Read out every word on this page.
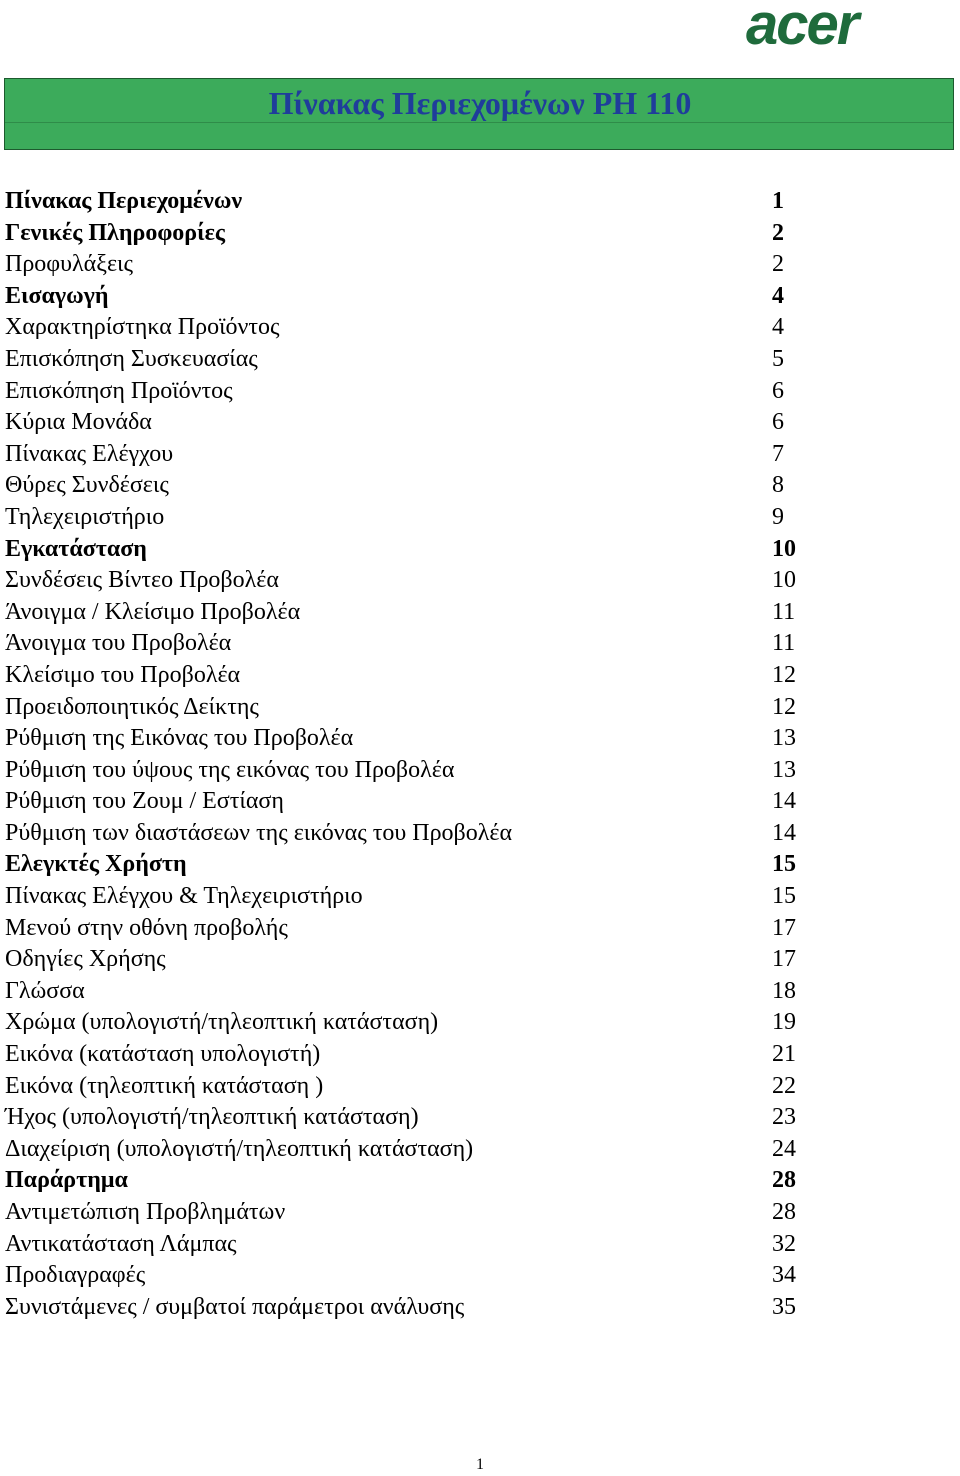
acer
Πίνακας Περιεχομένων PH 110
Πίνακας Περιεχομένων	1
Γενικές Πληροφορίες	2
Προφυλάξεις	2
Εισαγωγή	4
Χαρακτηρίστηκα Προϊόντος	4
Επισκόπηση Συσκευασίας	5
Επισκόπηση Προϊόντος	6
Κύρια Μονάδα	6
Πίνακας Ελέγχου	7
Θύρες Συνδέσεις	8
Τηλεχειριστήριο	9
Εγκατάσταση	10
Συνδέσεις Βίντεο Προβολέα	10
Άνοιγμα / Κλείσιμο Προβολέα	11
Άνοιγμα του Προβολέα	11
Κλείσιμο του Προβολέα	12
Προειδοποιητικός Δείκτης	12
Ρύθμιση της Εικόνας του Προβολέα	13
Ρύθμιση του ύψους της εικόνας του Προβολέα	13
Ρύθμιση του Ζουμ / Εστίαση	14
Ρύθμιση των διαστάσεων της εικόνας του Προβολέα	14
Ελεγκτές Χρήστη	15
Πίνακας Ελέγχου & Τηλεχειριστήριο	15
Μενού στην οθόνη προβολής	17
Οδηγίες Χρήσης	17
Γλώσσα	18
Χρώμα (υπολογιστή/τηλεοπτική κατάσταση)	19
Εικόνα (κατάσταση υπολογιστή)	21
Εικόνα (τηλεοπτική κατάσταση )	22
Ήχος (υπολογιστή/τηλεοπτική κατάσταση)	23
Διαχείριση (υπολογιστή/τηλεοπτική κατάσταση)	24
Παράρτημα	28
Αντιμετώπιση Προβλημάτων	28
Αντικατάσταση Λάμπας	32
Προδιαγραφές	34
Συνιστάμενες / συμβατοί παράμετροι ανάλυσης	35
1
